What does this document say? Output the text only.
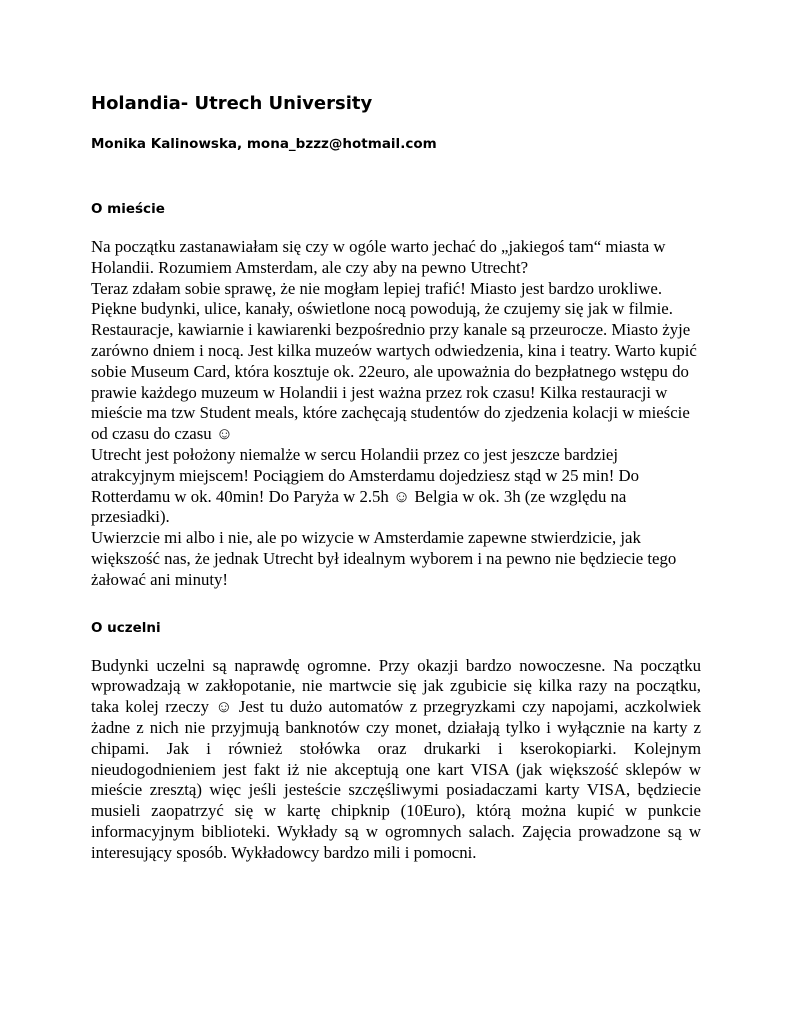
Holandia- Utrech University
Monika Kalinowska, mona_bzzz@hotmail.com
O mieście

Na początku zastanawiałam się czy w ogóle warto jechać do „jakiegoś tam“ miasta w Holandii. Rozumiem Amsterdam, ale czy aby na pewno Utrecht?

Teraz zdałam sobie sprawę, że nie mogłam lepiej trafić! Miasto jest bardzo urokliwe. Piękne budynki, ulice, kanały, oświetlone nocą powodują, że czujemy się jak w filmie. Restauracje, kawiarnie i kawiarenki bezpośrednio przy kanale są przeurocze. Miasto żyje zarówno dniem i nocą. Jest kilka muzeów wartych odwiedzenia, kina i teatry. Warto kupić sobie Museum Card, która kosztuje ok. 22euro, ale upoważnia do bezpłatnego wstępu do prawie każdego muzeum w Holandii i jest ważna przez rok czasu! Kilka restauracji w mieście ma tzw Student meals, które zachęcają studentów do zjedzenia kolacji w mieście od czasu do czasu ☺

Utrecht jest położony niemalże w sercu Holandii przez co jest jeszcze bardziej atrakcyjnym miejscem! Pociągiem do Amsterdamu dojedziesz stąd w 25 min! Do Rotterdamu w ok. 40min! Do Paryża w 2.5h ☺ Belgia w ok. 3h (ze względu na przesiadki).

Uwierzcie mi albo i nie, ale po wizycie w Amsterdamie zapewne stwierdzicie, jak większość nas, że jednak Utrecht był idealnym wyborem i na pewno nie będziecie tego żałować ani minuty!

O uczelni

Budynki uczelni są naprawdę ogromne. Przy okazji bardzo nowoczesne. Na początku wprowadzają w zakłopotanie, nie martwcie się jak zgubicie się kilka razy na początku, taka kolej rzeczy ☺ Jest tu dużo automatów z przegryzkami czy napojami, aczkolwiek żadne z nich nie przyjmują banknotów czy monet, działają tylko i wyłącznie na karty z chipami. Jak i również stołówka oraz drukarki i kserokopiarki. Kolejnym nieudogodnieniem jest fakt iż nie akceptują one kart VISA (jak większość sklepów w mieście zresztą) więc jeśli jesteście szczęśliwymi posiadaczami karty VISA, będziecie musieli zaopatrzyć się w kartę chipknip (10Euro), którą można kupić w punkcie informacyjnym biblioteki. Wykłady są w ogromnych salach. Zajęcia prowadzone są w interesujący sposób. Wykładowcy bardzo mili i pomocni.
